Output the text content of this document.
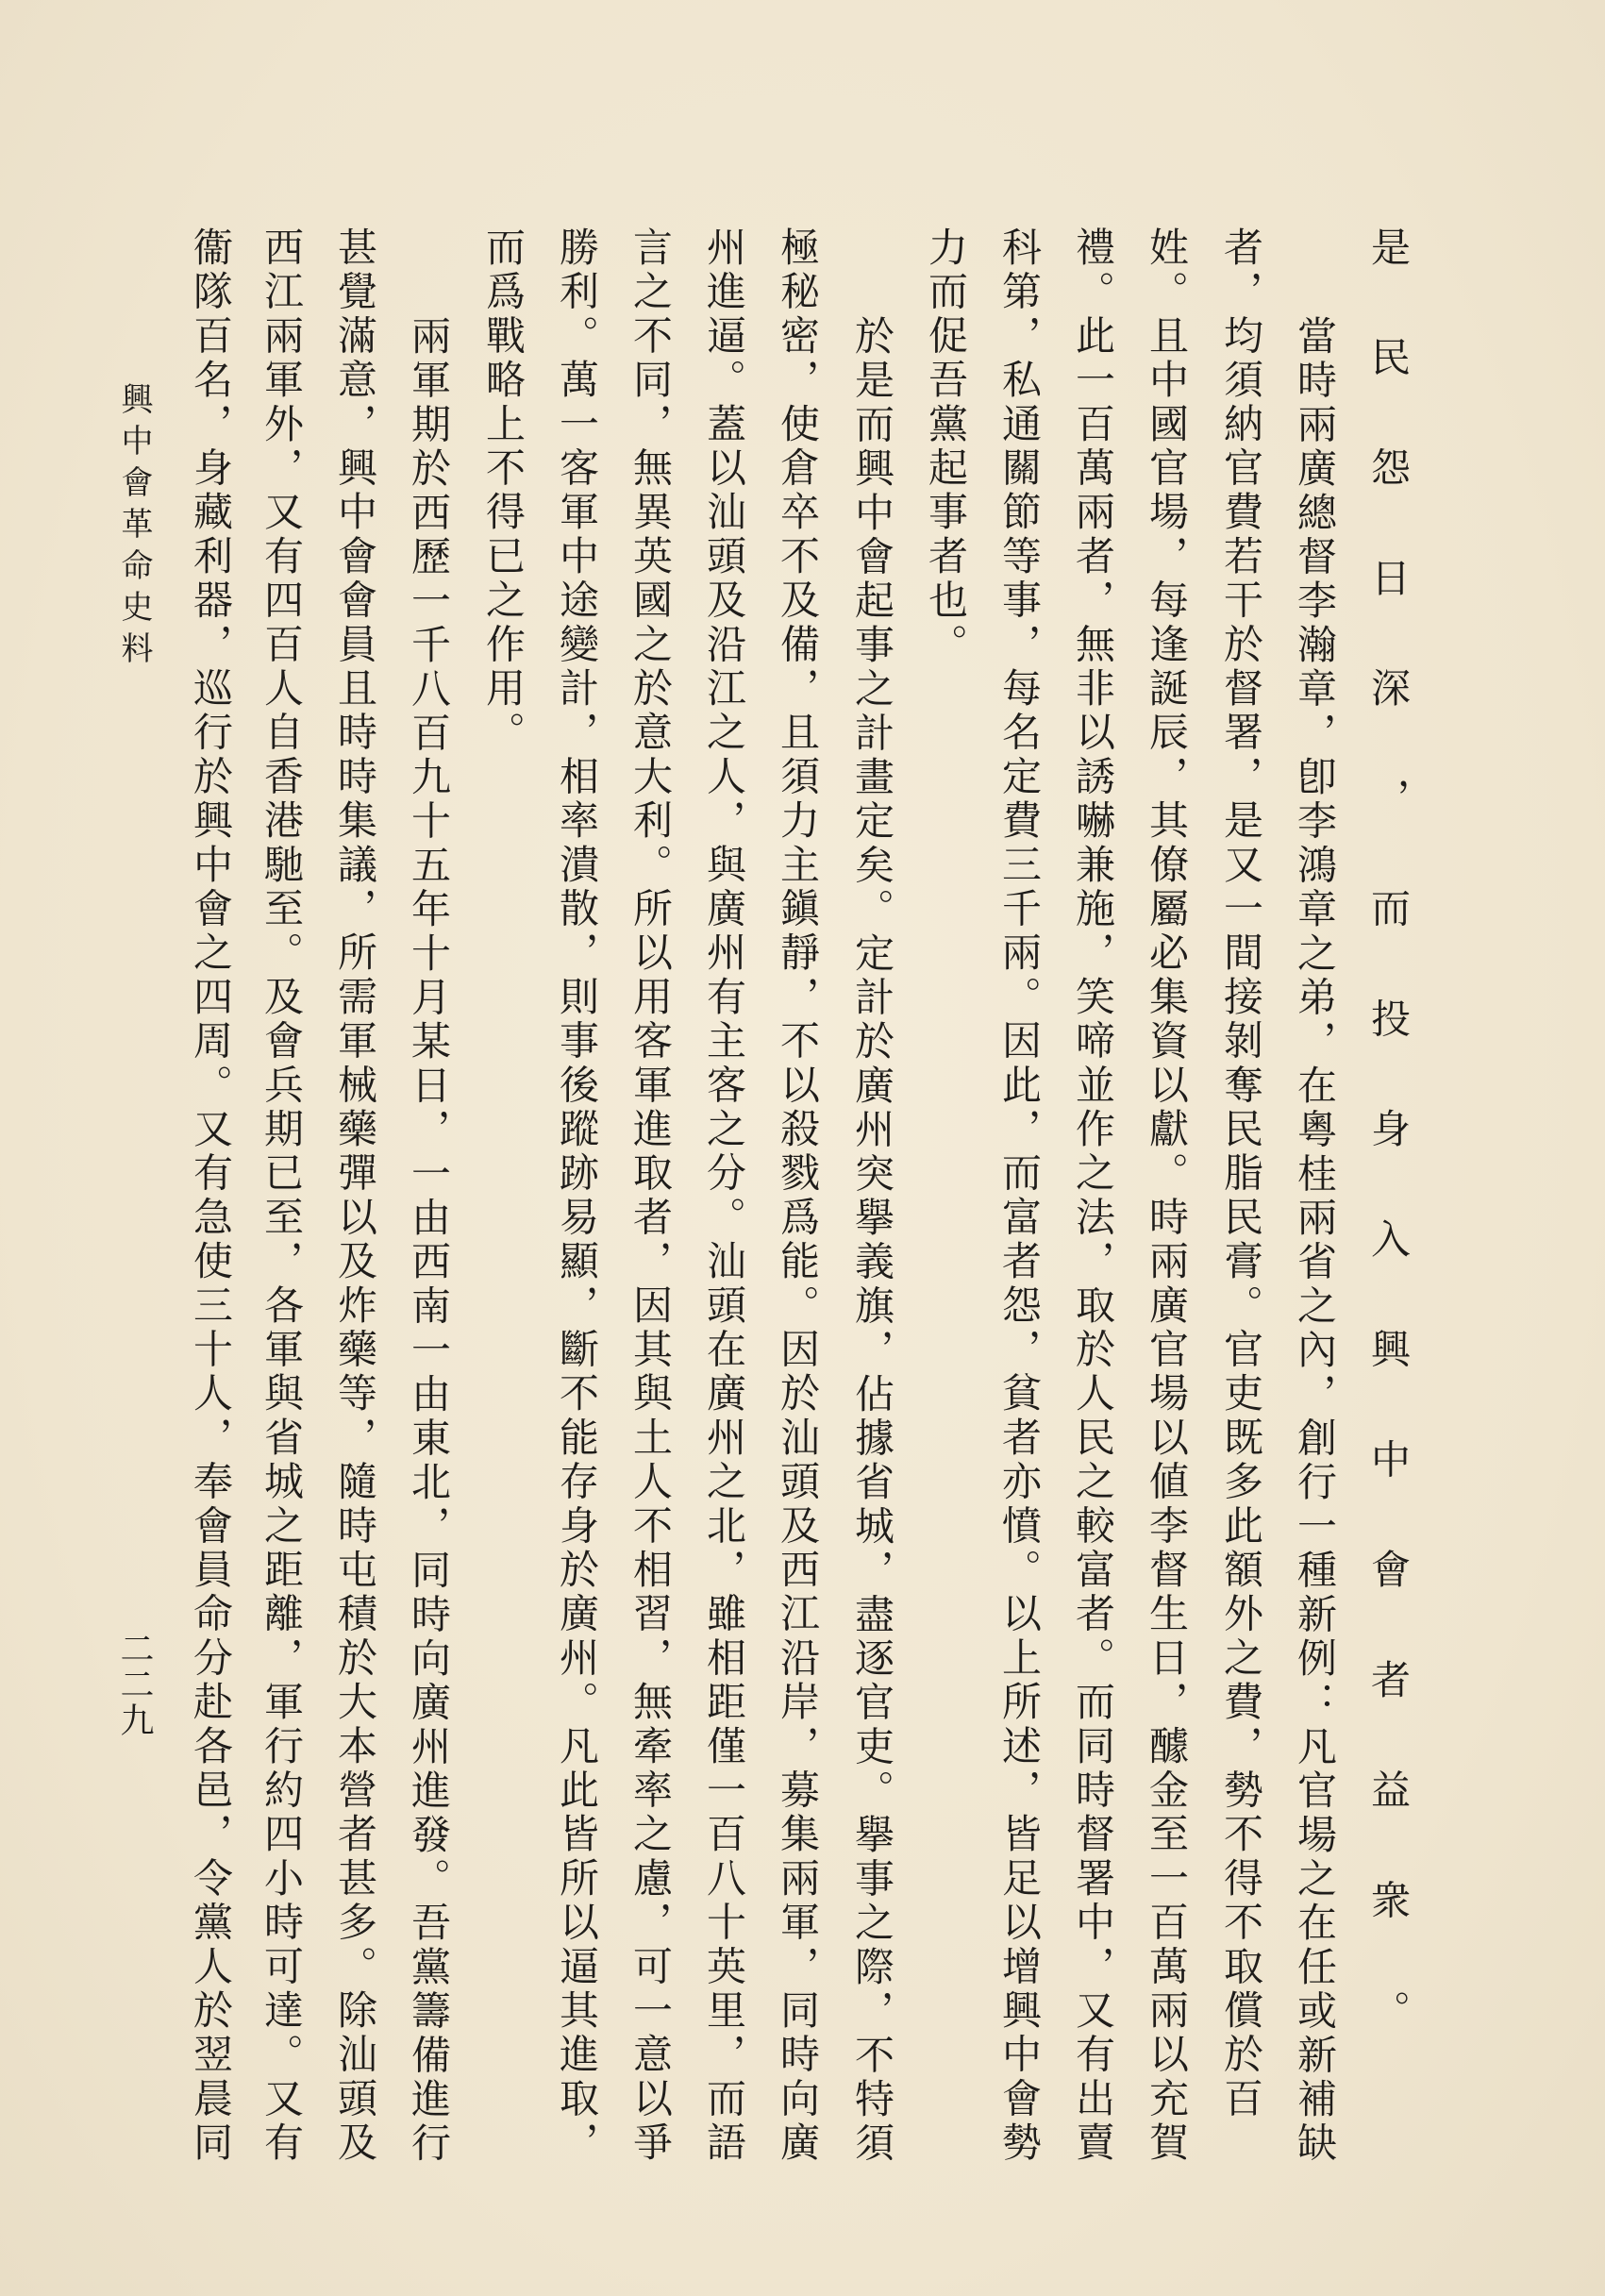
是民怨日深，而投身入興中會者益衆。
當時兩廣總督李瀚章，卽李鴻章之弟，在粵桂兩省之內，創行一種新例：凡官場之在任或新補缺
者，均須納官費若干於督署，是又一間接剝奪民脂民膏。官吏既多此額外之費，勢不得不取償於百
姓。且中國官場，每逢誕辰，其僚屬必集資以獻。時兩廣官場以値李督生日，醵金至一百萬兩以充賀
禮。此一百萬兩者，無非以誘嚇兼施，笑啼並作之法，取於人民之較富者。而同時督署中，又有出賣
科第，私通關節等事，每名定費三千兩。因此，而富者怨，貧者亦憤。以上所述，皆足以增興中會勢
力而促吾黨起事者也。
於是而興中會起事之計畫定矣。定計於廣州突擧義旗，佔據省城，盡逐官吏。擧事之際，不特須
極秘密，使倉卒不及備，且須力主鎭靜，不以殺戮爲能。因於汕頭及西江沿岸，募集兩軍，同時向廣
州進逼。蓋以汕頭及沿江之人，與廣州有主客之分。汕頭在廣州之北，雖相距僅一百八十英里，而語
言之不同，無異英國之於意大利。所以用客軍進取者，因其與土人不相習，無牽率之慮，可一意以爭
勝利。萬一客軍中途變計，相率潰散，則事後蹤跡易顯，斷不能存身於廣州。凡此皆所以逼其進取，
而爲戰略上不得已之作用。
兩軍期於西歷一千八百九十五年十月某日，一由西南一由東北，同時向廣州進發。吾黨籌備進行
甚覺滿意，興中會會員且時時集議，所需軍械藥彈以及炸藥等，隨時屯積於大本營者甚多。除汕頭及
西江兩軍外，又有四百人自香港馳至。及會兵期已至，各軍與省城之距離，軍行約四小時可達。又有
衞隊百名，身藏利器，巡行於興中會之四周。又有急使三十人，奉會員命分赴各邑，令黨人於翌晨同
興中會革命史料
二二九
